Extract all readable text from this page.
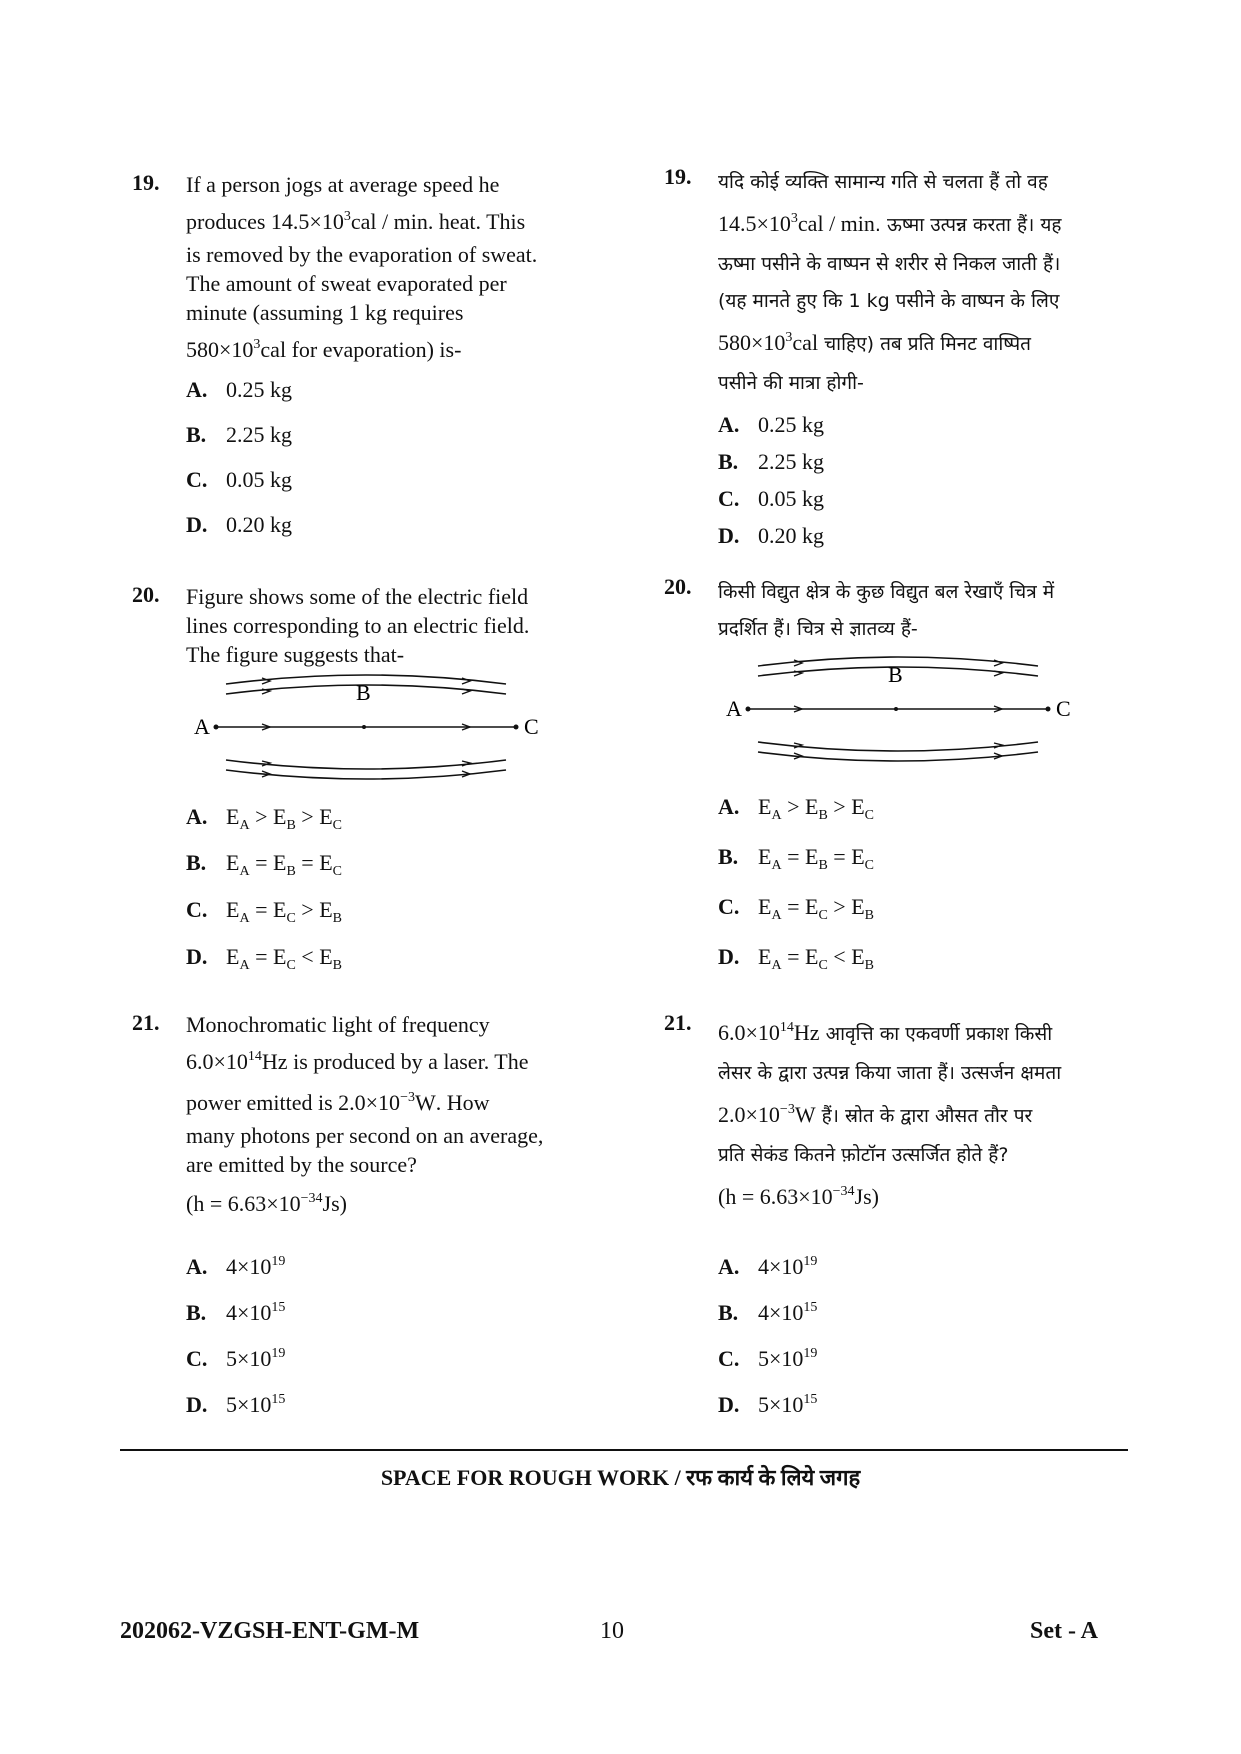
19. If a person jogs at average speed he
produces $14.5\times 10^3cal / \min$. heat. This
is removed by the evaporation of sweat.
The amount of sweat evaporated per
minute (assuming 1 kg requires
$580\times 10^3cal$ for evaporation) is-
A. 0.25 kg
B. 2.25 kg
C. 0.05 kg
D. 0.20 kg
20. Figure shows some of the electric field
lines corresponding to an electric field.
The figure suggests that-
A
B
C
A. $E_A > E_B > E_C$
B. $E_A = E_B = E_C$
C. $E_A = E_C > E_B$
D. $E_A = E_C < E_B$
21. Monochromatic light of frequency
$6.0\times 10^{14}Hz$ is produced by a laser. The
power emitted is $2.0\times 10^{-3}W$. How
many photons per second on an average,
are emitted by the source?
$(h = 6.63\times 10^{-34}Js)$
A. $4\times 10^{19}$
B. $4\times 10^{15}$
C. $5\times 10^{19}$
D. $5\times 10^{15}$
19. यदि कोई व्यक्ति सामान्य गति से चलता हैं तो वह
$14.5\times 10^3cal / \min$. ऊष्मा उत्पन्न करता हैं। यह
ऊष्मा पसीने के वाष्पन से शरीर से निकल जाती हैं।
(यह मानते हुए कि 1 kg पसीने के वाष्पन के लिए
$580\times 10^3cal$ चाहिए) तब प्रति मिनट वाष्पित
पसीने की मात्रा होगी-
A. 0.25 kg
B. 2.25 kg
C. 0.05 kg
D. 0.20 kg
20. किसी विद्युत क्षेत्र के कुछ विद्युत बल रेखाएँ चित्र में
प्रदर्शित हैं। चित्र से ज्ञातव्य हैं-
A
B
C
A. $E_A > E_B > E_C$
B. $E_A = E_B = E_C$
C. $E_A = E_C > E_B$
D. $E_A = E_C < E_B$
21. $6.0\times 10^{14}Hz$ आवृत्ति का एकवर्णी प्रकाश किसी
लेसर के द्वारा उत्पन्न किया जाता हैं। उत्सर्जन क्षमता
$2.0\times 10^{-3}W$ हैं। स्रोत के द्वारा औसत तौर पर
प्रति सेकंड कितने फ़ोटॉन उत्सर्जित होते हैं?
$(h = 6.63\times 10^{-34}Js)$
A. $4\times 10^{19}$
B. $4\times 10^{15}$
C. $5\times 10^{19}$
D. $5\times 10^{15}$
SPACE FOR ROUGH WORK / रफ कार्य के लिये जगह
202062-VZGSH-ENT-GM-M	10	Set - A
